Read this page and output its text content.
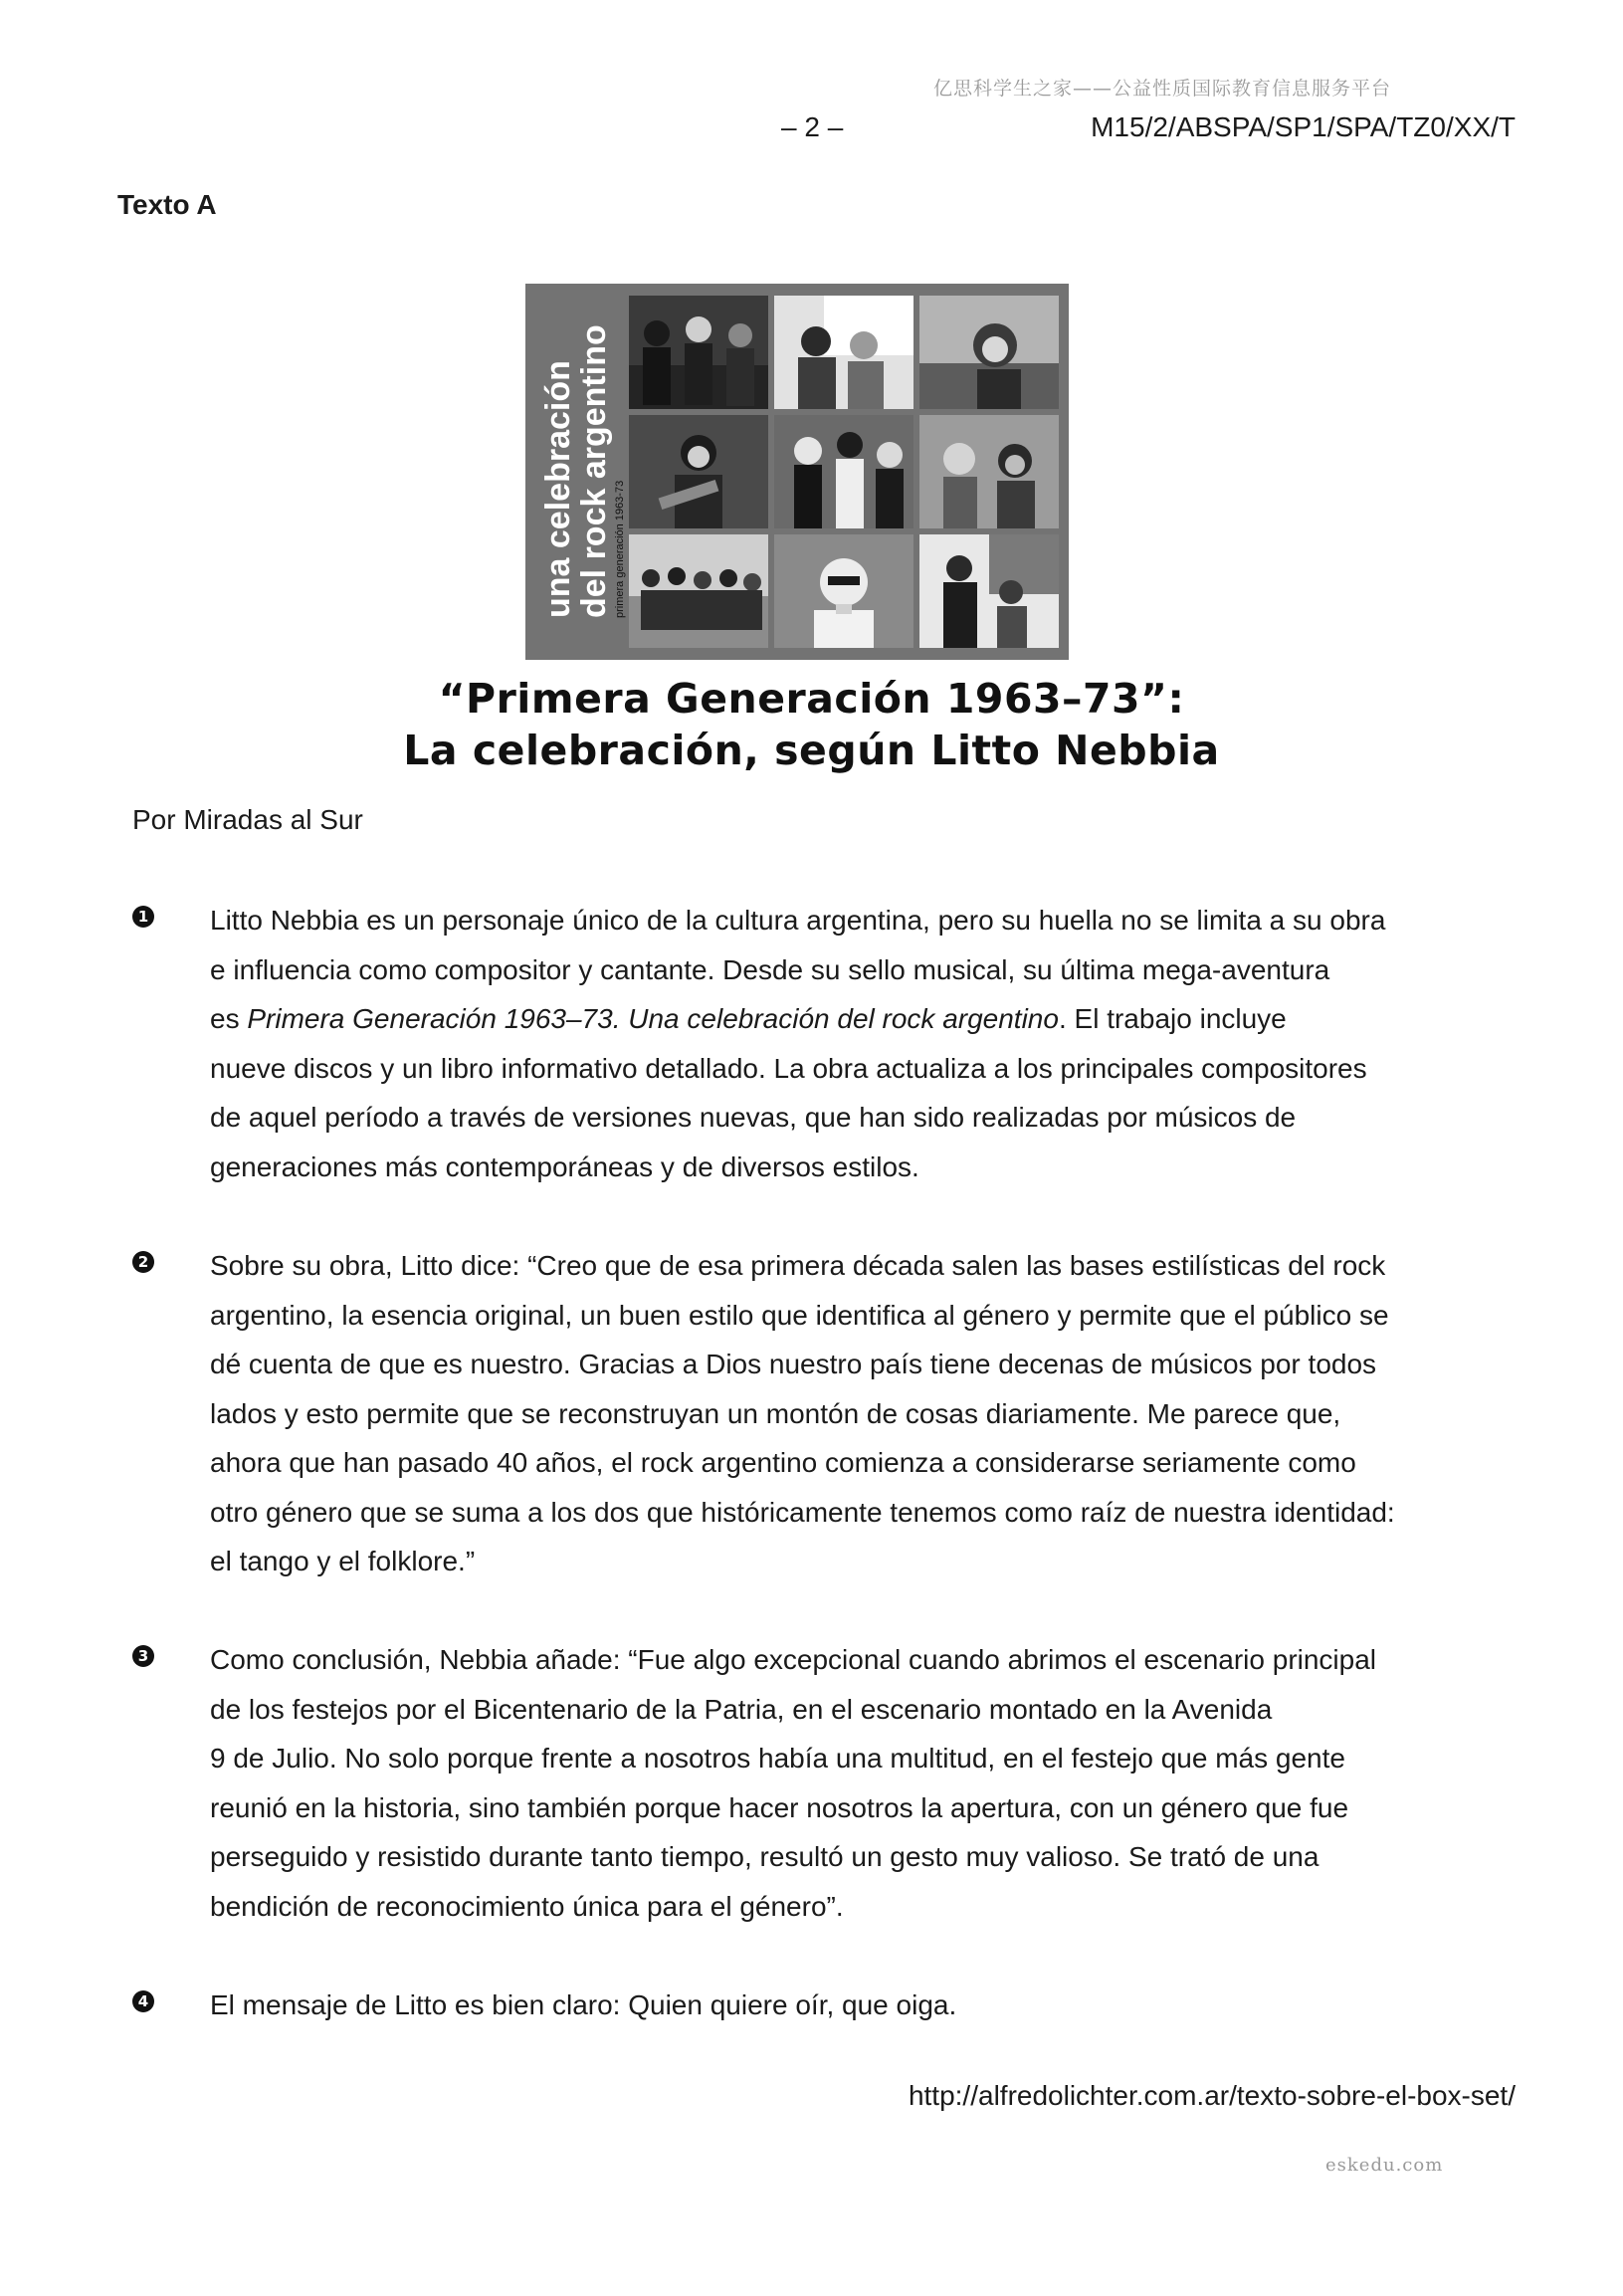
亿思科学生之家——公益性质国际教育信息服务平台
– 2 –	M15/2/ABSPA/SP1/SPA/TZ0/XX/T
Texto A
una celebración
del rock argentino primera generación 1963-73
“Primera Generación 1963–73”:
La celebración, según Litto Nebbia
Por Miradas al Sur
1 Litto Nebbia es un personaje único de la cultura argentina, pero su huella no se limita a su obra
e influencia como compositor y cantante. Desde su sello musical, su última mega-aventura
es Primera Generación 1963–73. Una celebración del rock argentino. El trabajo incluye
nueve discos y un libro informativo detallado. La obra actualiza a los principales compositores
de aquel período a través de versiones nuevas, que han sido realizadas por músicos de
generaciones más contemporáneas y de diversos estilos.
2 Sobre su obra, Litto dice: “Creo que de esa primera década salen las bases estilísticas del rock
argentino, la esencia original, un buen estilo que identifica al género y permite que el público se
dé cuenta de que es nuestro. Gracias a Dios nuestro país tiene decenas de músicos por todos
lados y esto permite que se reconstruyan un montón de cosas diariamente. Me parece que,
ahora que han pasado 40 años, el rock argentino comienza a considerarse seriamente como
otro género que se suma a los dos que históricamente tenemos como raíz de nuestra identidad:
el tango y el folklore.”
3 Como conclusión, Nebbia añade: “Fue algo excepcional cuando abrimos el escenario principal
de los festejos por el Bicentenario de la Patria, en el escenario montado en la Avenida
9 de Julio. No solo porque frente a nosotros había una multitud, en el festejo que más gente
reunió en la historia, sino también porque hacer nosotros la apertura, con un género que fue
perseguido y resistido durante tanto tiempo, resultó un gesto muy valioso. Se trató de una
bendición de reconocimiento única para el género”.
4 El mensaje de Litto es bien claro: Quien quiere oír, que oiga.
http://alfredolichter.com.ar/texto-sobre-el-box-set/
eskedu.com
